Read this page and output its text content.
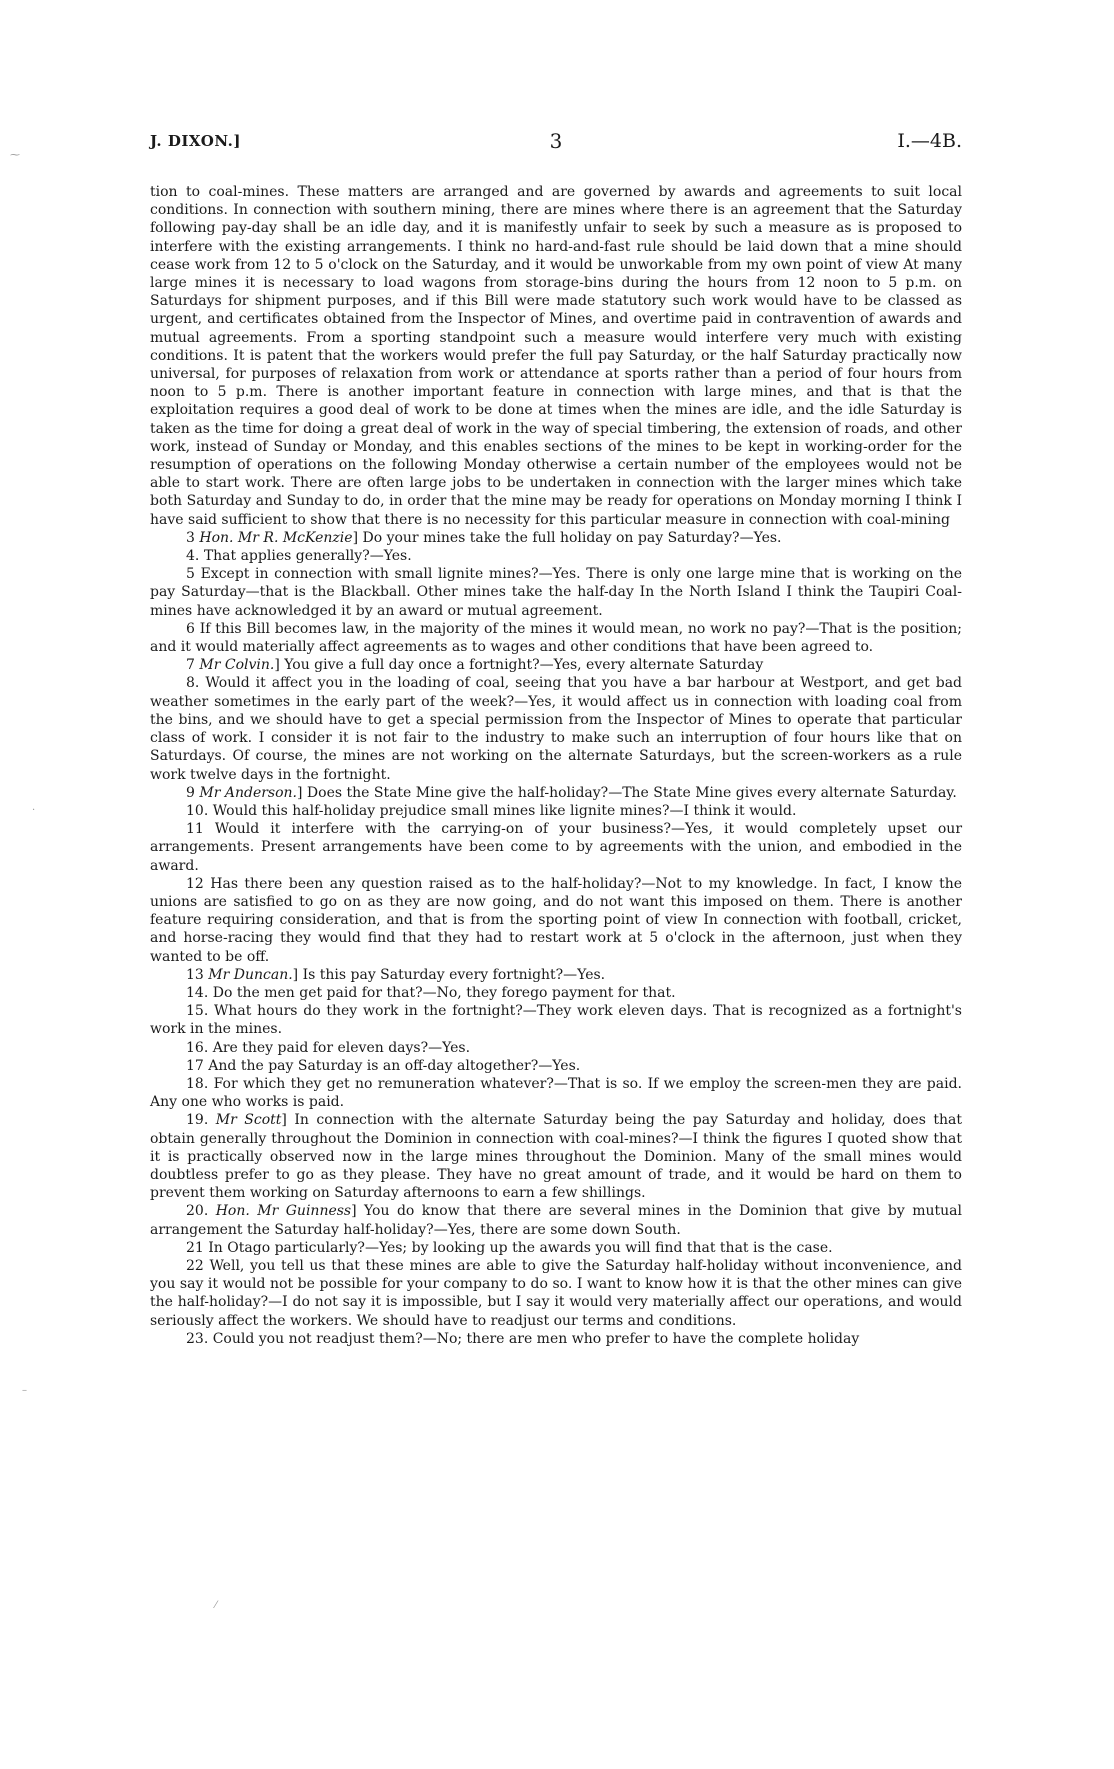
J. DIXON.]	3	I.—4B.
⁓
·
–
⁄

tion to coal-mines. These matters are arranged and are governed by awards and agreements to suit local conditions. In connection with southern mining, there are mines where there is an agreement that the Saturday following pay-day shall be an idle day, and it is manifestly unfair to seek by such a measure as is proposed to interfere with the existing arrangements. I think no hard-and-fast rule should be laid down that a mine should cease work from 12 to 5 o'clock on the Saturday, and it would be unworkable from my own point of view At many large mines it is necessary to load wagons from storage-bins during the hours from 12 noon to 5 p.m. on Saturdays for shipment purposes, and if this Bill were made statutory such work would have to be classed as urgent, and certificates obtained from the Inspector of Mines, and overtime paid in contravention of awards and mutual agreements. From a sporting standpoint such a measure would interfere very much with existing conditions. It is patent that the workers would prefer the full pay Saturday, or the half Saturday practically now universal, for purposes of relaxation from work or attendance at sports rather than a period of four hours from noon to 5 p.m. There is another important feature in connection with large mines, and that is that the exploitation requires a good deal of work to be done at times when the mines are idle, and the idle Saturday is taken as the time for doing a great deal of work in the way of special timbering, the extension of roads, and other work, instead of Sunday or Monday, and this enables sections of the mines to be kept in working-order for the resumption of operations on the following Monday otherwise a certain number of the employees would not be able to start work. There are often large jobs to be undertaken in connection with the larger mines which take both Saturday and Sunday to do, in order that the mine may be ready for operations on Monday morning I think I have said sufficient to show that there is no necessity for this particular measure in connection with coal-mining

3 Hon. Mr R. McKenzie] Do your mines take the full holiday on pay Saturday?—Yes.

4. That applies generally?—Yes.

5 Except in connection with small lignite mines?—Yes. There is only one large mine that is working on the pay Saturday—that is the Blackball. Other mines take the half-day In the North Island I think the Taupiri Coal-mines have acknowledged it by an award or mutual agreement.

6 If this Bill becomes law, in the majority of the mines it would mean, no work no pay?—That is the position; and it would materially affect agreements as to wages and other conditions that have been agreed to.

7 Mr Colvin.] You give a full day once a fortnight?—Yes, every alternate Saturday

8. Would it affect you in the loading of coal, seeing that you have a bar harbour at Westport, and get bad weather sometimes in the early part of the week?—Yes, it would affect us in connection with loading coal from the bins, and we should have to get a special permission from the Inspector of Mines to operate that particular class of work. I consider it is not fair to the industry to make such an interruption of four hours like that on Saturdays. Of course, the mines are not working on the alternate Saturdays, but the screen-workers as a rule work twelve days in the fortnight.

9 Mr Anderson.] Does the State Mine give the half-holiday?—The State Mine gives every alternate Saturday.

10. Would this half-holiday prejudice small mines like lignite mines?—I think it would.

11 Would it interfere with the carrying-on of your business?—Yes, it would completely upset our arrangements. Present arrangements have been come to by agreements with the union, and embodied in the award.

12 Has there been any question raised as to the half-holiday?—Not to my knowledge. In fact, I know the unions are satisfied to go on as they are now going, and do not want this imposed on them. There is another feature requiring consideration, and that is from the sporting point of view In connection with football, cricket, and horse-racing they would find that they had to restart work at 5 o'clock in the afternoon, just when they wanted to be off.

13 Mr Duncan.] Is this pay Saturday every fortnight?—Yes.

14. Do the men get paid for that?—No, they forego payment for that.

15. What hours do they work in the fortnight?—They work eleven days. That is recognized as a fortnight's work in the mines.

16. Are they paid for eleven days?—Yes.

17 And the pay Saturday is an off-day altogether?—Yes.

18. For which they get no remuneration whatever?—That is so. If we employ the screen-men they are paid. Any one who works is paid.

19. Mr Scott] In connection with the alternate Saturday being the pay Saturday and holiday, does that obtain generally throughout the Dominion in connection with coal-mines?—I think the figures I quoted show that it is practically observed now in the large mines throughout the Dominion. Many of the small mines would doubtless prefer to go as they please. They have no great amount of trade, and it would be hard on them to prevent them working on Saturday afternoons to earn a few shillings.

20. Hon. Mr Guinness] You do know that there are several mines in the Dominion that give by mutual arrangement the Saturday half-holiday?—Yes, there are some down South.

21 In Otago particularly?—Yes; by looking up the awards you will find that that is the case.

22 Well, you tell us that these mines are able to give the Saturday half-holiday without inconvenience, and you say it would not be possible for your company to do so. I want to know how it is that the other mines can give the half-holiday?—I do not say it is impossible, but I say it would very materially affect our operations, and would seriously affect the workers. We should have to readjust our terms and conditions.

23. Could you not readjust them?—No; there are men who prefer to have the complete holiday
